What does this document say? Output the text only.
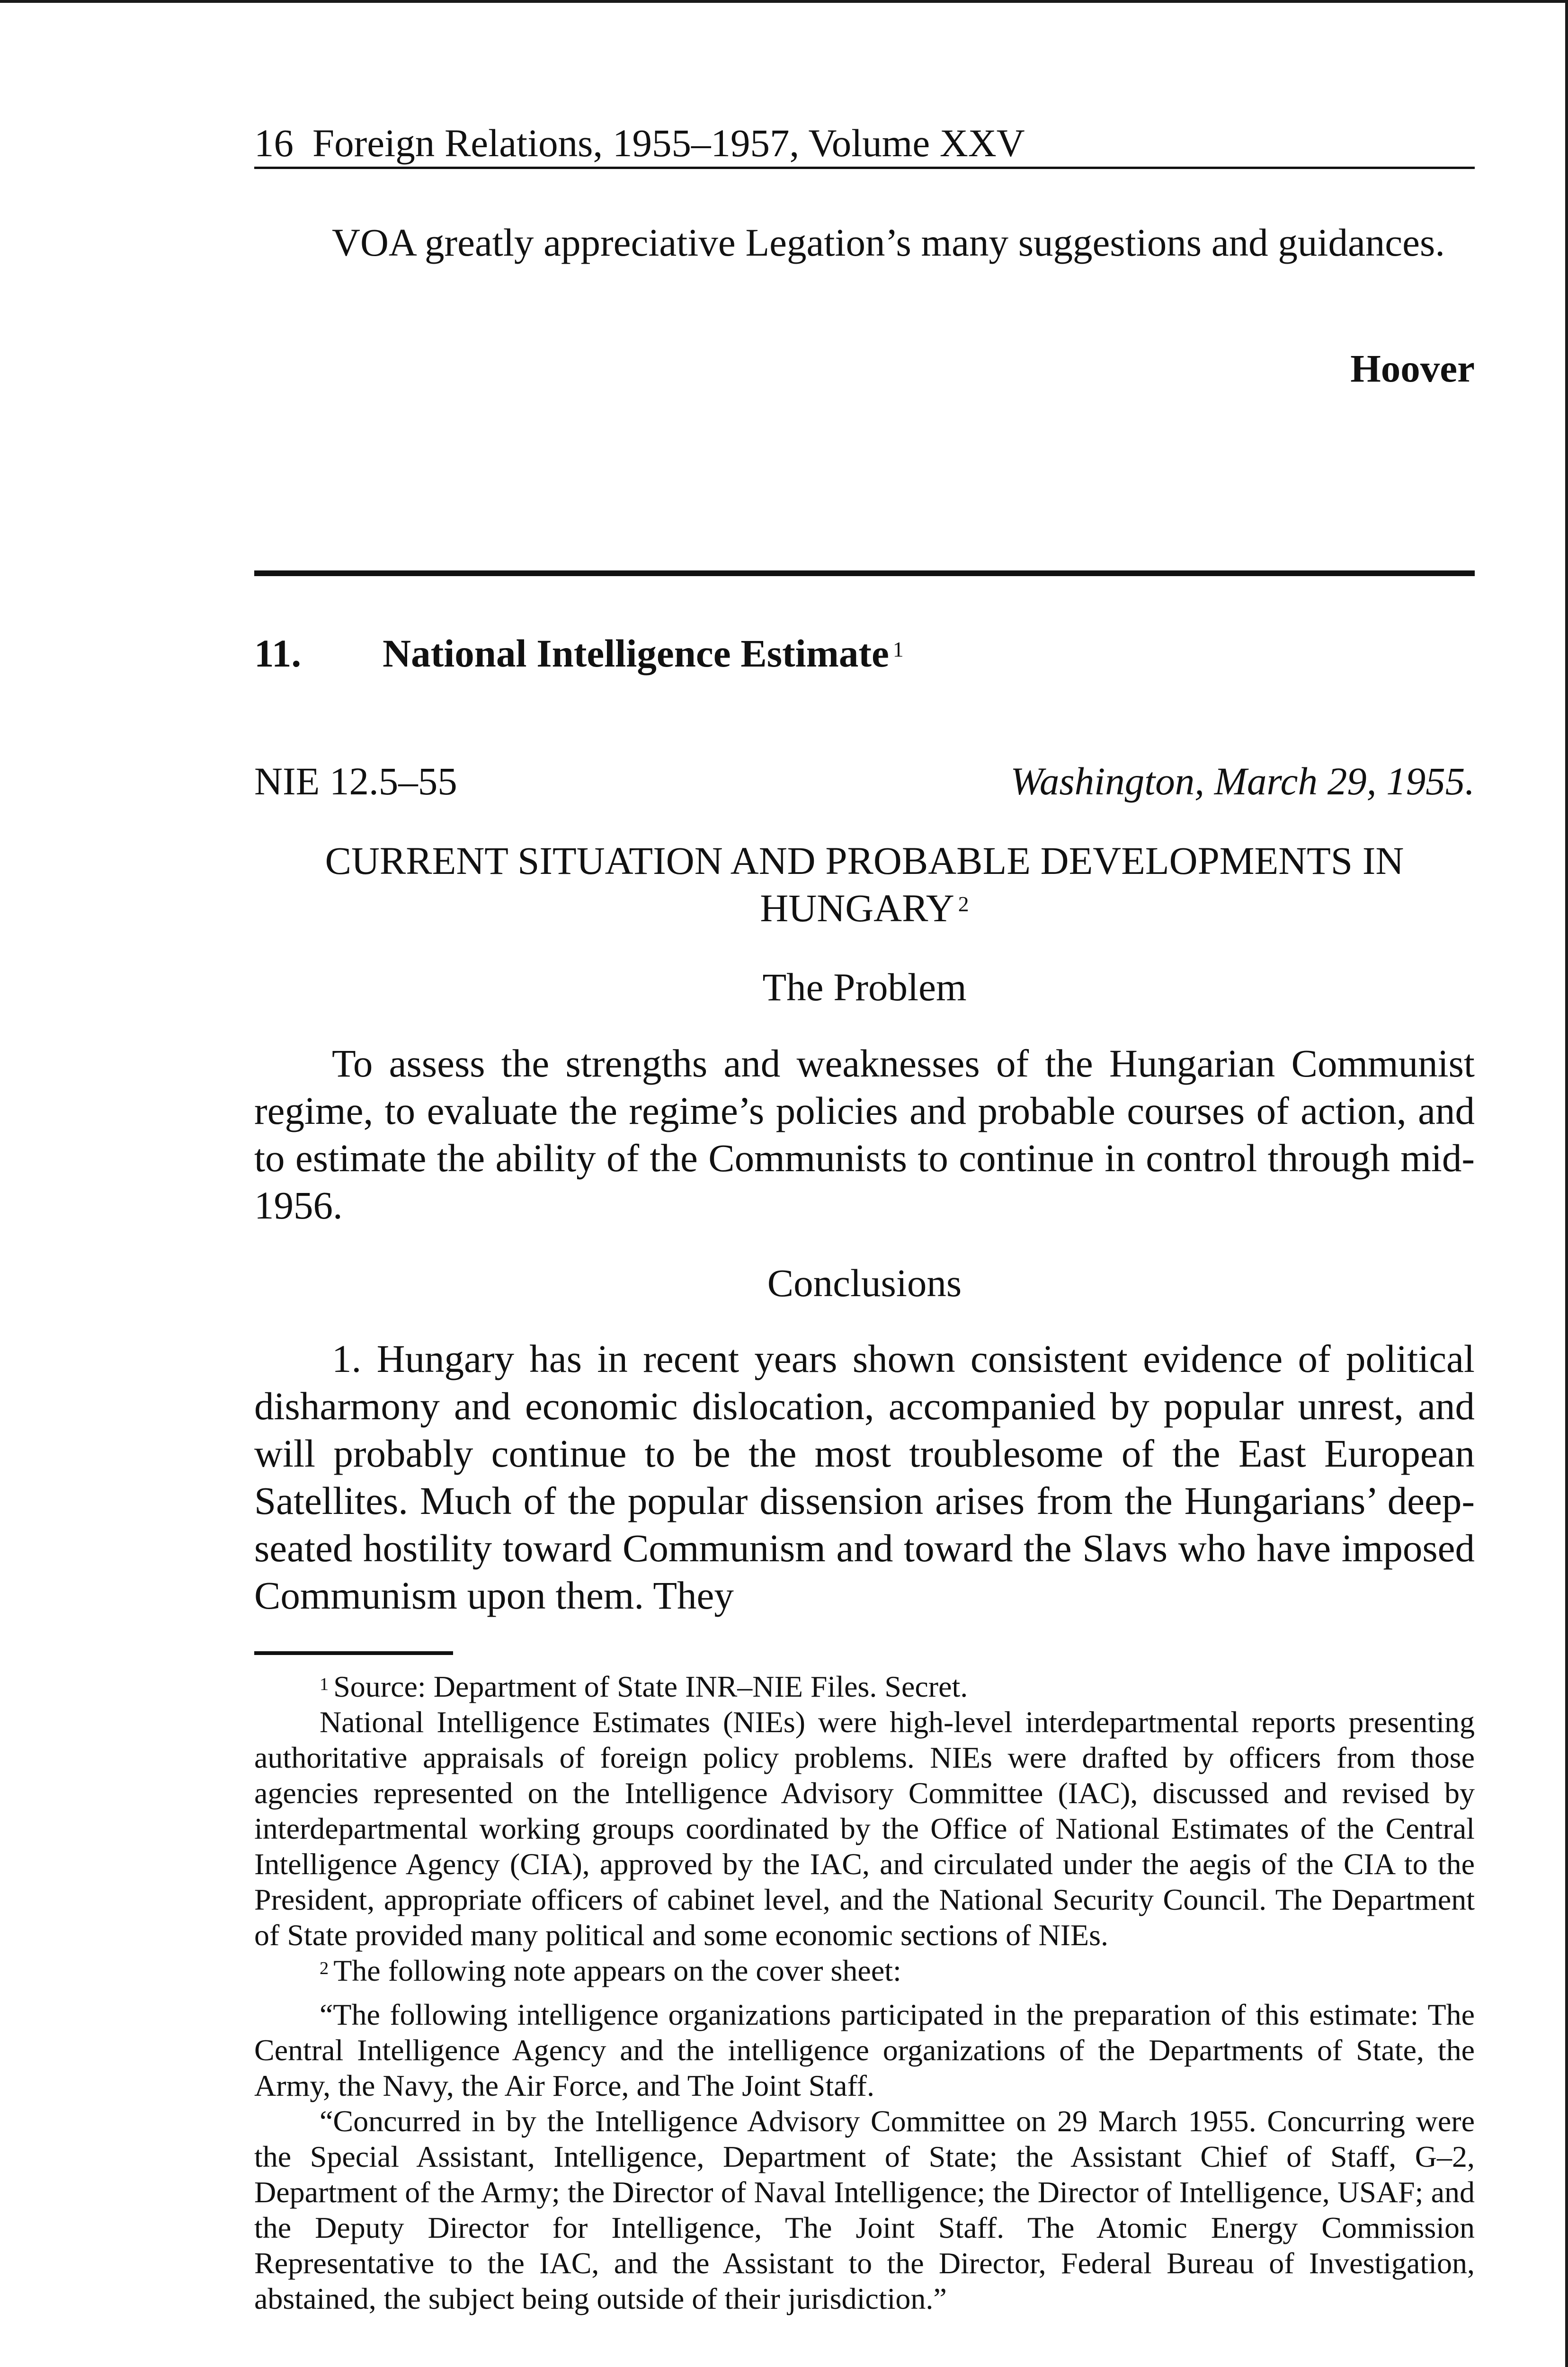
16 Foreign Relations, 1955–1957, Volume XXV

VOA greatly appreciative Legation’s many suggestions and guidances.

Hoover

11. National Intelligence Estimate $^1$
NIE 12.5–55	Washington, March 29, 1955.
CURRENT SITUATION AND PROBABLE DEVELOPMENTS IN HUNGARY $^2$

The Problem

To assess the strengths and weaknesses of the Hungarian Communist regime, to evaluate the regime’s policies and probable courses of action, and to estimate the ability of the Communists to continue in control through mid-1956.

Conclusions

1. Hungary has in recent years shown consistent evidence of political disharmony and economic dislocation, accompanied by popular unrest, and will probably continue to be the most troublesome of the East European Satellites. Much of the popular dissension arises from the Hungarians’ deep-seated hostility toward Communism and toward the Slavs who have imposed Communism upon them. They

$^1$ Source: Department of State INR–NIE Files. Secret.

National Intelligence Estimates (NIEs) were high-level interdepartmental reports presenting authoritative appraisals of foreign policy problems. NIEs were drafted by officers from those agencies represented on the Intelligence Advisory Committee (IAC), discussed and revised by interdepartmental working groups coordinated by the Office of National Estimates of the Central Intelligence Agency (CIA), approved by the IAC, and circulated under the aegis of the CIA to the President, appropriate officers of cabinet level, and the National Security Council. The Department of State provided many political and some economic sections of NIEs.

$^2$ The following note appears on the cover sheet:

“The following intelligence organizations participated in the preparation of this estimate: The Central Intelligence Agency and the intelligence organizations of the Departments of State, the Army, the Navy, the Air Force, and The Joint Staff.

“Concurred in by the Intelligence Advisory Committee on 29 March 1955. Concurring were the Special Assistant, Intelligence, Department of State; the Assistant Chief of Staff, G–2, Department of the Army; the Director of Naval Intelligence; the Director of Intelligence, USAF; and the Deputy Director for Intelligence, The Joint Staff. The Atomic Energy Commission Representative to the IAC, and the Assistant to the Director, Federal Bureau of Investigation, abstained, the subject being outside of their jurisdiction.”
